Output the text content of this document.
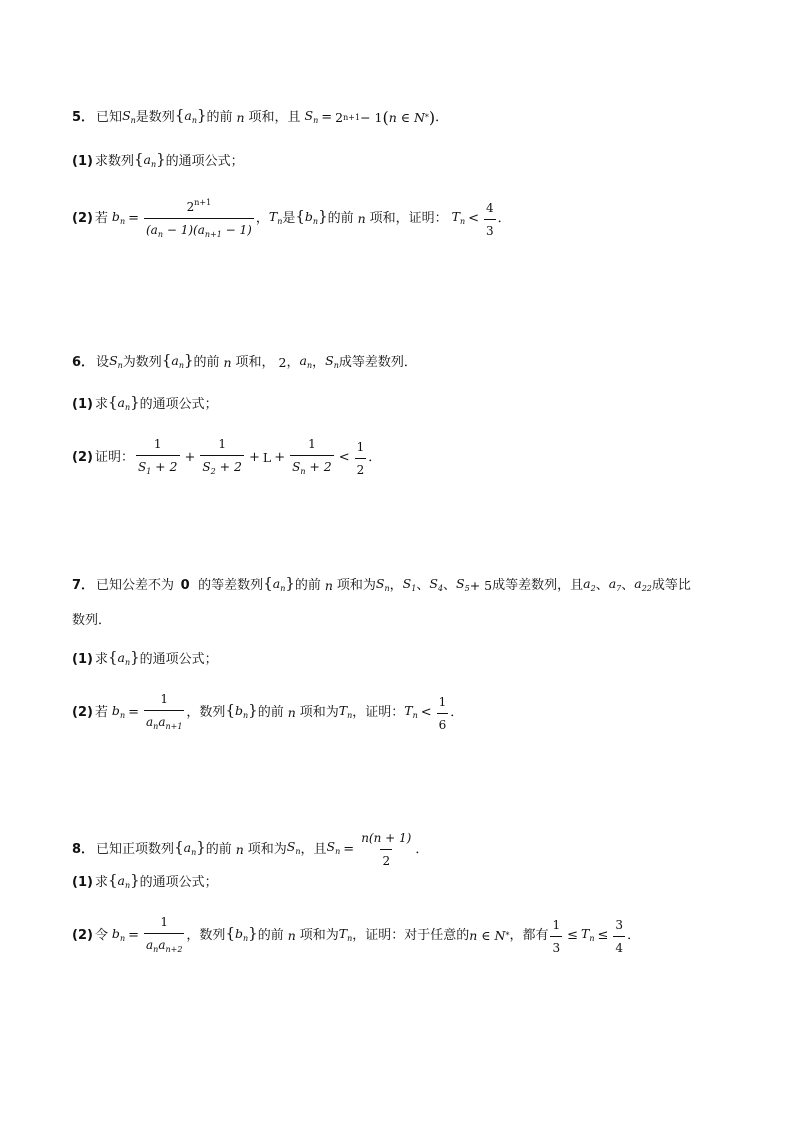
5． 已知 $S_n$ 是数列 $\{a_n\}$ 的前 n 项和，且 $S_n = 2$ n+1 − 1 ( n ∈ N * ) ．
(1) 求数列 $\{a_n\}$ 的通项公式；
(2) 若 $b_n = \frac{2^{n+1}}{(a_n - 1)(a_{n+1} - 1)}$ ， $T_n$ 是 $\{b_n\}$ 的前 n 项和，证明： $T_n < \frac{4}{3}$ ．
6． 设 $S_n$ 为数列 $\{a_n\}$ 的前 n 项和，
2 ， $a_n$ ， $S_n$ 成等差数列．
(1) 求 $\{a_n\}$ 的通项公式；
(2) 证明： $\frac{1}{S_1 + 2} + \frac{1}{S_2 + 2} + L + \frac{1}{S_n + 2} < \frac{1}{2}$ ．
7． 已知公差不为
0
的等差数列 $\{a_n\}$ 的前 n 项和为 $S_n$ ， $S_1$ 、 $S_4$ 、 $S_5 + 5$ 成等差数列，且 $a_2$ 、 $a_7$ 、 $a_{22}$ 成等比
数列．
(1) 求 $\{a_n\}$ 的通项公式；
(2) 若 $b_n = \frac{1}{a_na_{n+1}}$ ，数列 $\{b_n\}$ 的前 n 项和为 $T_n$ ，证明： $T_n < \frac{1}{6}$ ．
8． 已知正项数列 $\{a_n\}$ 的前 n 项和为 $S_n$ ，且 $S_n = \frac{n(n + 1)}{2}$ ．
(1) 求 $\{a_n\}$ 的通项公式；
(2) 令 $b_n = \frac{1}{a_na_{n+2}}$ ，数列 $\{b_n\}$ 的前 n 项和为 $T_n$ ，证明：对于任意的 n ∈ N * ，都有 $\frac{1}{3} \le T_n \le \frac{3}{4}$ ．
